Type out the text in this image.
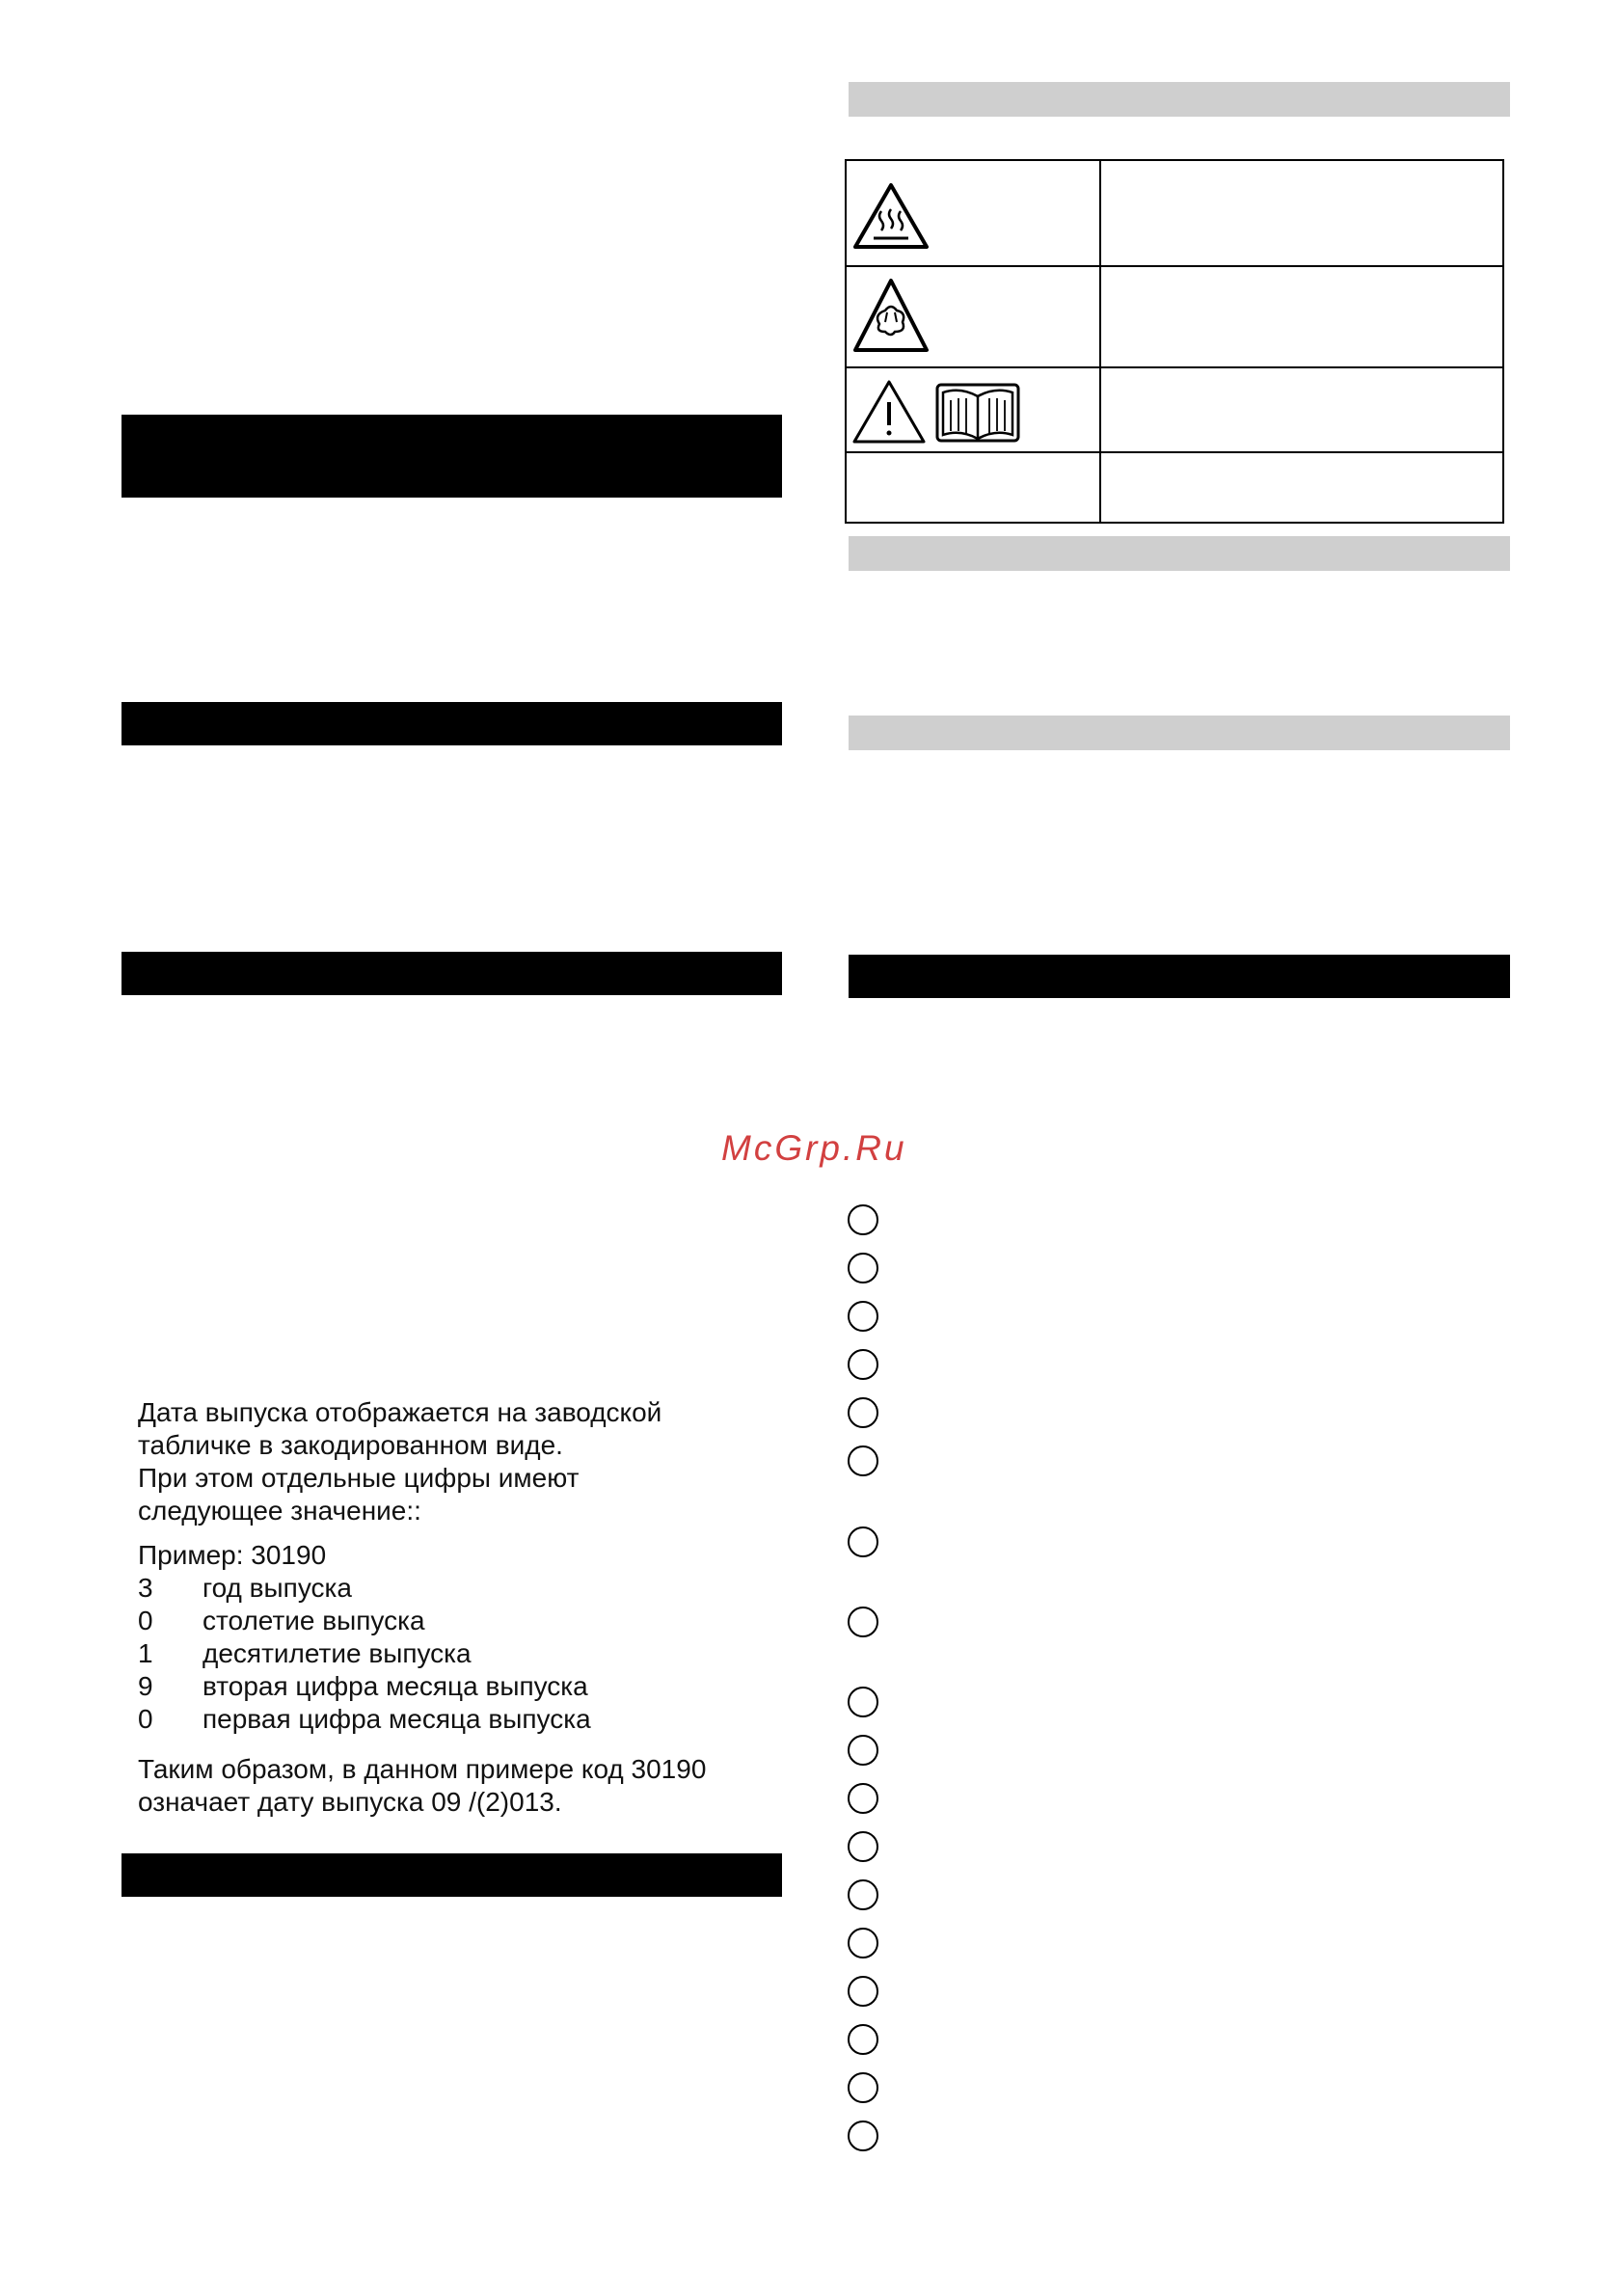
McGrp.Ru

Дата выпуска отображается на заводской

табличке в закодированном виде.

При этом отдельные цифры имеют

следующее значение::

Пример: 30190
3 год выпуска
0 столетие выпуска
1 десятилетие выпуска
9 вторая цифра месяца выпуска
0 первая цифра месяца выпуска

Таким образом, в данном примере код 30190

означает дату выпуска 09 /(2)013.
